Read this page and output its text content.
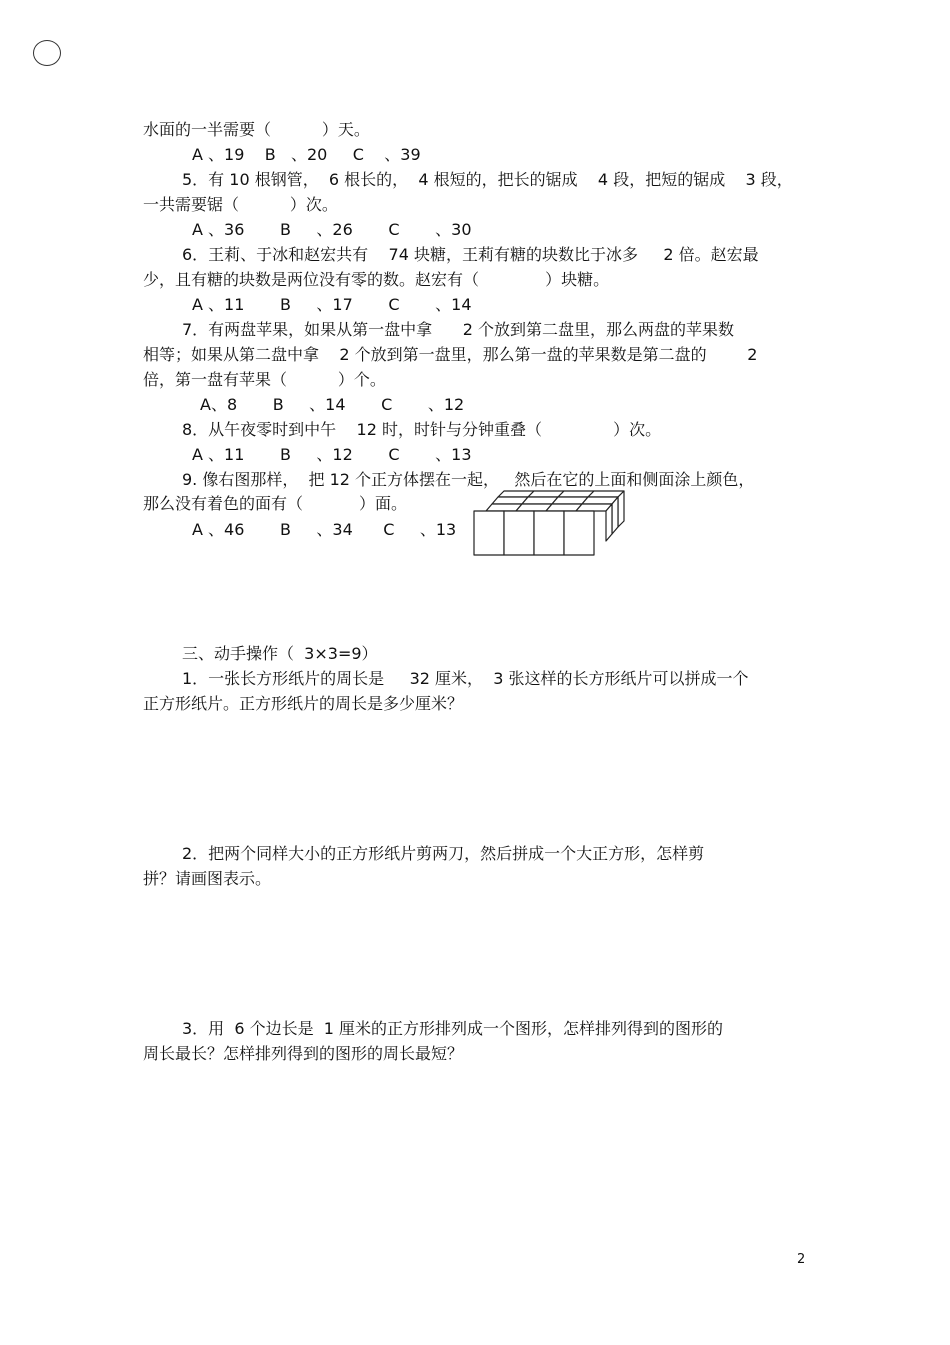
水面的一半需要（          ）天。
A 、19    B   、20     C    、39
5．有 10 根钢管，  6 根长的，  4 根短的，把长的锯成    4 段，把短的锯成    3 段，
一共需要锯（          ）次。
A 、36       B     、26       C       、30
6．王莉、于冰和赵宏共有    74 块糖，王莉有糖的块数比于冰多     2 倍。赵宏最
少，且有糖的块数是两位没有零的数。赵宏有（             ）块糖。
A 、11       B     、17       C       、14
7．有两盘苹果，如果从第一盘中拿      2 个放到第二盘里，那么两盘的苹果数
相等；如果从第二盘中拿    2 个放到第一盘里，那么第一盘的苹果数是第二盘的        2
倍，第一盘有苹果（          ）个。
A、8       B     、14       C       、12
8．从午夜零时到中午    12 时，时针与分钟重叠（              ）次。
A 、11       B     、12       C       、13
9. 像右图那样，  把 12 个正方体摆在一起，   然后在它的上面和侧面涂上颜色，
那么没有着色的面有（           ）面。
A 、46       B     、34      C     、13
三、动手操作（  3×3=9）
1．一张长方形纸片的周长是     32 厘米，  3 张这样的长方形纸片可以拼成一个
正方形纸片。正方形纸片的周长是多少厘米？
2．把两个同样大小的正方形纸片剪两刀，然后拼成一个大正方形，怎样剪
拼？请画图表示。
3．用  6 个边长是  1 厘米的正方形排列成一个图形，怎样排列得到的图形的
周长最长？怎样排列得到的图形的周长最短？
2
